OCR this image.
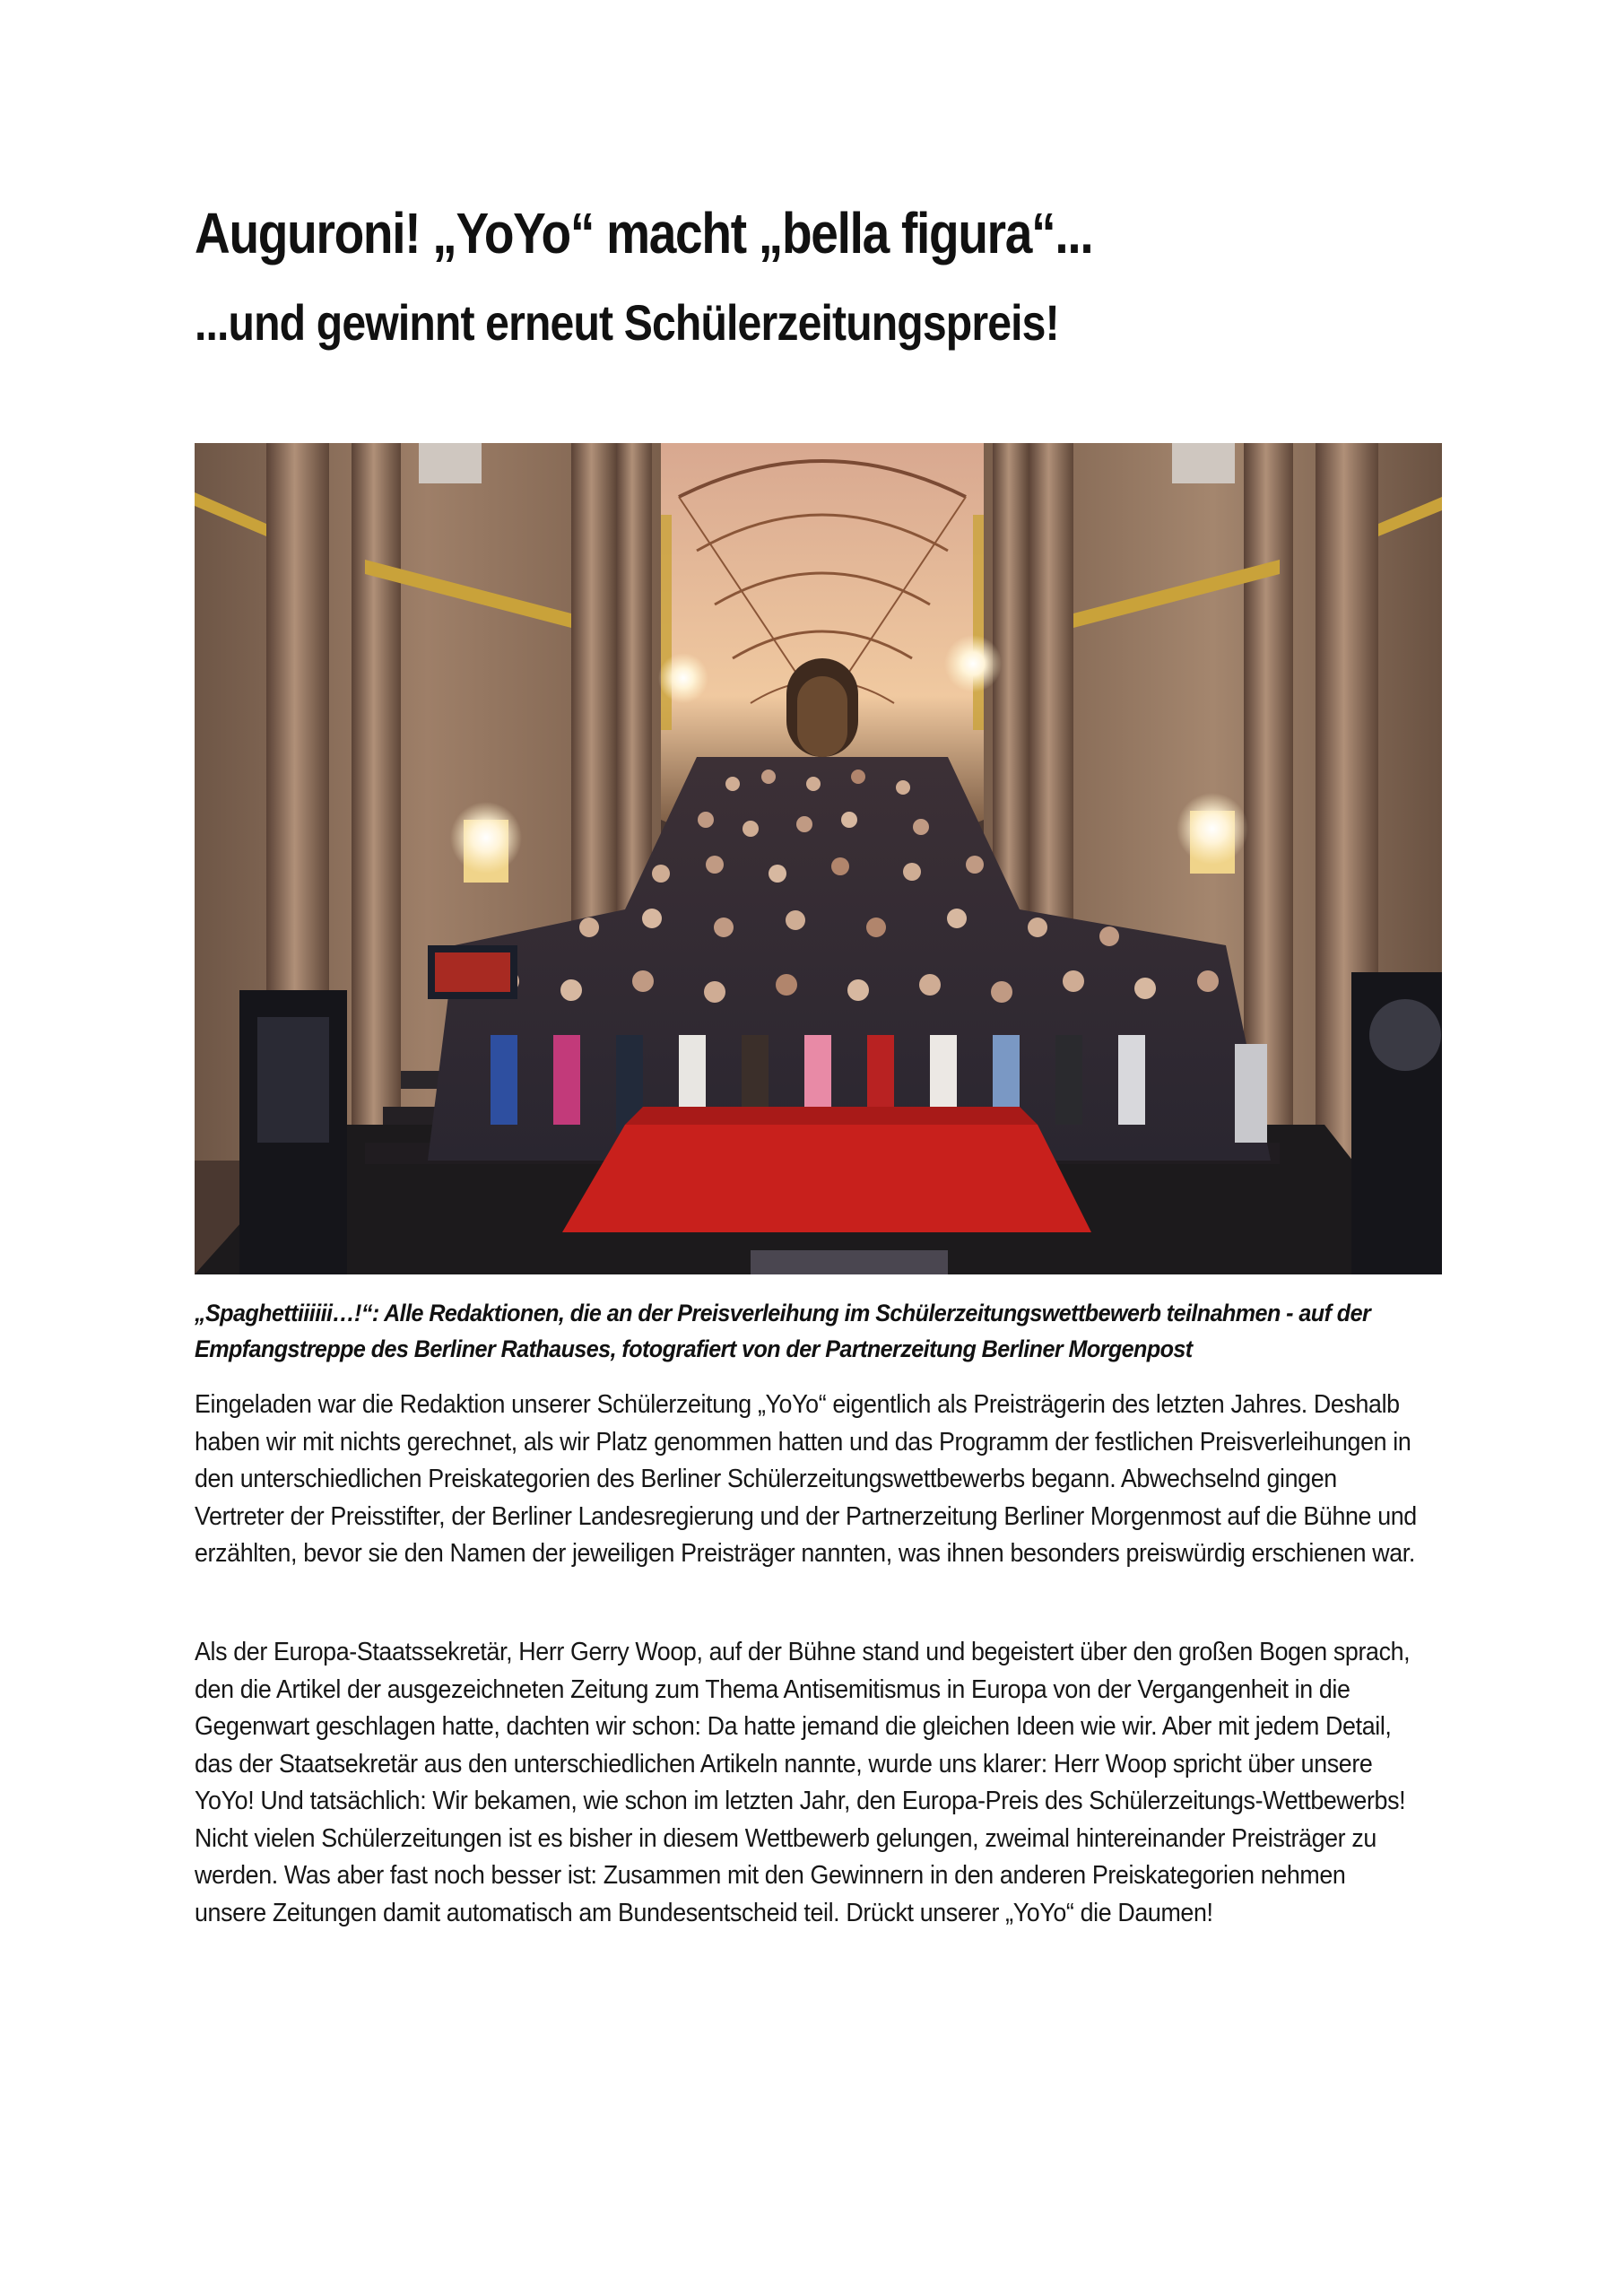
Auguroni! „YoYo“ macht „bella figura“...
...und gewinnt erneut Schülerzeitungspreis!

„Spaghettiiiiii…!“: Alle Redaktionen, die an der Preisverleihung im Schülerzeitungswettbewerb teilnahmen - auf der Empfangstreppe des Berliner Rathauses, fotografiert von der Partnerzeitung Berliner Morgenpost

Eingeladen war die Redaktion unserer Schülerzeitung „YoYo“ eigentlich als Preisträgerin des letzten Jahres. Deshalb haben wir mit nichts gerechnet, als wir Platz genommen hatten und das Programm der festlichen Preisverleihungen in den unterschiedlichen Preiskategorien des Berliner Schülerzeitungswettbewerbs begann. Abwechselnd gingen Vertreter der Preisstifter, der Berliner Landesregierung und der Partnerzeitung Berliner Morgenmost auf die Bühne und erzählten, bevor sie den Namen der jeweiligen Preisträger nannten, was ihnen besonders preiswürdig erschienen war.

Als der Europa-Staatssekretär, Herr Gerry Woop, auf der Bühne stand und begeistert über den großen Bogen sprach, den die Artikel der ausgezeichneten Zeitung zum Thema Antisemitismus in Europa von der Vergangenheit in die Gegenwart geschlagen hatte, dachten wir schon: Da hatte jemand die gleichen Ideen wie wir. Aber mit jedem Detail, das der Staatsekretär aus den unterschiedlichen Artikeln nannte, wurde uns klarer: Herr Woop spricht über unsere YoYo! Und tatsächlich: Wir bekamen, wie schon im letzten Jahr, den Europa-Preis des Schülerzeitungs-Wettbewerbs! Nicht vielen Schülerzeitungen ist es bisher in diesem Wettbewerb gelungen, zweimal hintereinander Preisträger zu werden. Was aber fast noch besser ist: Zusammen mit den Gewinnern in den anderen Preiskategorien nehmen unsere Zeitungen damit automatisch am Bundesentscheid teil. Drückt unserer „YoYo“ die Daumen!
